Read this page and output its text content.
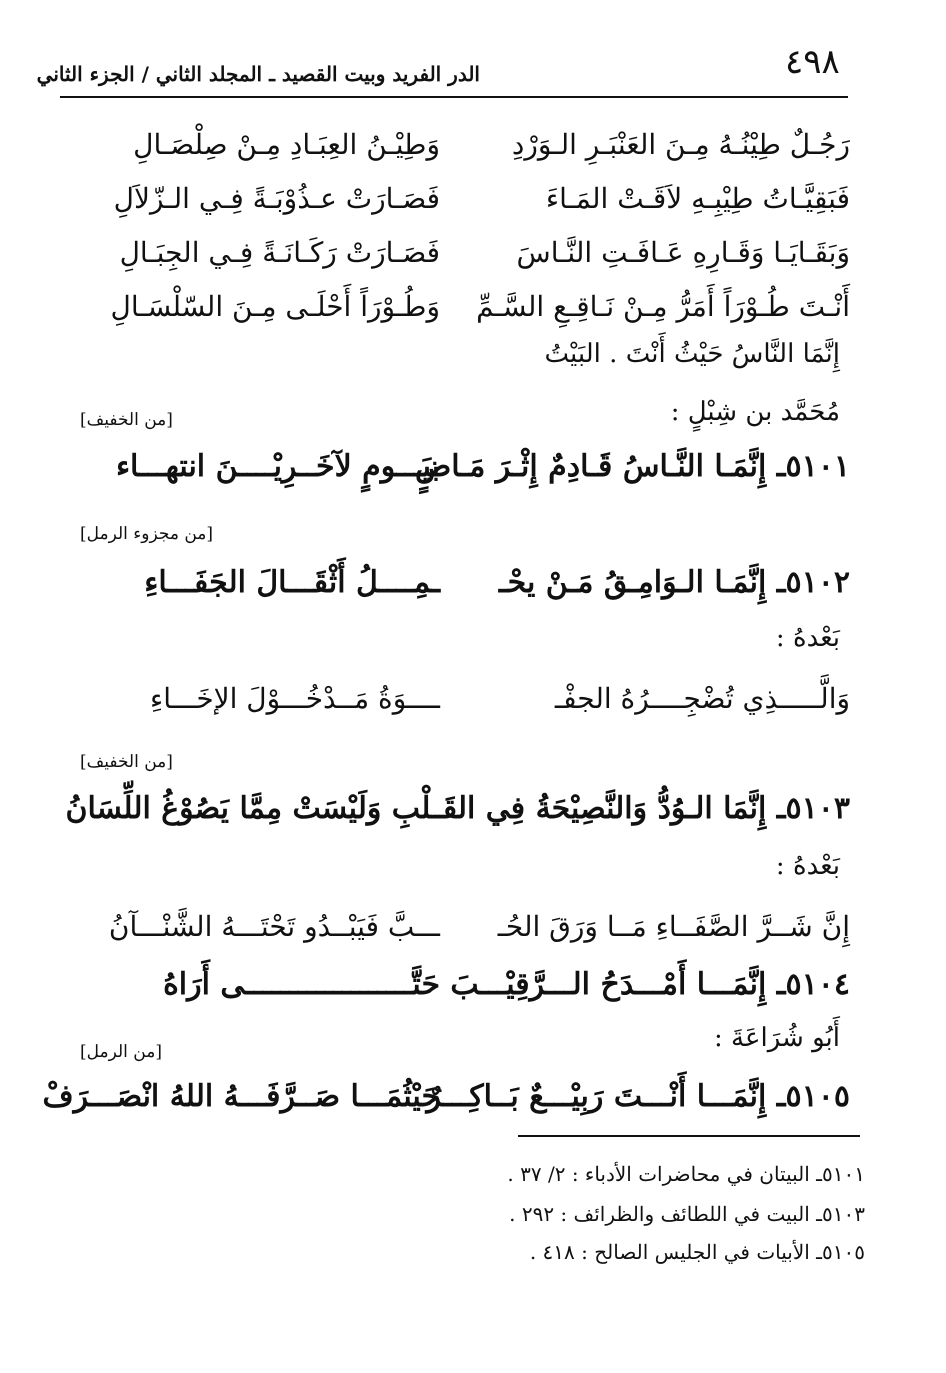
٤٩٨
الدر الفريد وبيت القصيد ـ المجلد الثاني / الجزء الثاني
رَجُـلٌ طِيْنُـهُ مِـنَ العَنْبَـرِ الـوَرْدِ
وَطِيْـنُ العِبَـادِ مِـنْ صِلْصَـالِ
فَبَقِيَّـاتُ طِيْبِـهِ لاَقَـتْ المَـاءَ
فَصَـارَتْ عـذُوْبَـةً فِـي الـزّلاَلِ
وَبَقَـايَـا وَقَـارِهِ عَـافَـتِ النَّـاسَ
فَصَـارَتْ رَكَـانَـةً فِـي الجِبَـالِ
أَنْـتَ طُـوْرَاً أَمَرُّ مِـنْ نَـاقِـعِ السَّـمِّ
وَطُـوْرَاً أَحْلَـى مِـنَ السّلْسَـالِ
إِنَّمَا النَّاسُ حَيْثُ أَنْتَ . البَيْتُ
مُحَمَّد بن شِبْلٍ :
[من الخفيف]
٥١٠١ـ إِنَّمَـا النَّـاسُ قَـادِمٌ إِثْـرَ مَـاضٍ
بيَـــومٍ لآخَــرِيْــــنَ انتهـــاء
[من مجزوء الرمل]
٥١٠٢ـ إِنَّمَـا الـوَامِـقُ مَـنْ يحْـ
ـمِــــلُ أَثْقَـــالَ الجَفَـــاءِ
بَعْدهُ :
وَالَّـــــذِي تُضْجِــــرُهُ الجفْـ
ــــوَةُ مَــدْخُـــوْلَ الإخَـــاءِ
[من الخفيف]
٥١٠٣ـ إِنَّمَا الـوُدُّ وَالنَّصِيْحَةُ فِي القَـ
ـلْبِ وَلَيْسَتْ مِمَّا يَصُوْغُ اللِّسَانُ
بَعْدهُ :
إِنَّ شَــرَّ الصَّفَــاءِ مَــا وَرَقَ الحُـ
ـــبَّ فَيَبْــدُو تَحْتَـــهُ الشَّنْـــآنُ
٥١٠٤ـ إِنَّمَـــا أَمْـــدَحُ الـــرَّقِيْـــبَ
حَتَّـــــــــــــــــــى أَرَاهُ
أَبُو شُرَاعَةَ :
[من الرمل]
٥١٠٥ـ إِنَّمَـــا أَنْـــتَ رَبِيْـــعٌ بَــاكِـــرٌ
حَيْثُمَـــا صَــرَّفَـــهُ اللهُ انْصَـــرَفْ
٥١٠١ـ البيتان في محاضرات الأدباء : ٢/ ٣٧ .
٥١٠٣ـ البيت في اللطائف والظرائف : ٢٩٢ .
٥١٠٥ـ الأبيات في الجليس الصالح : ٤١٨ .
